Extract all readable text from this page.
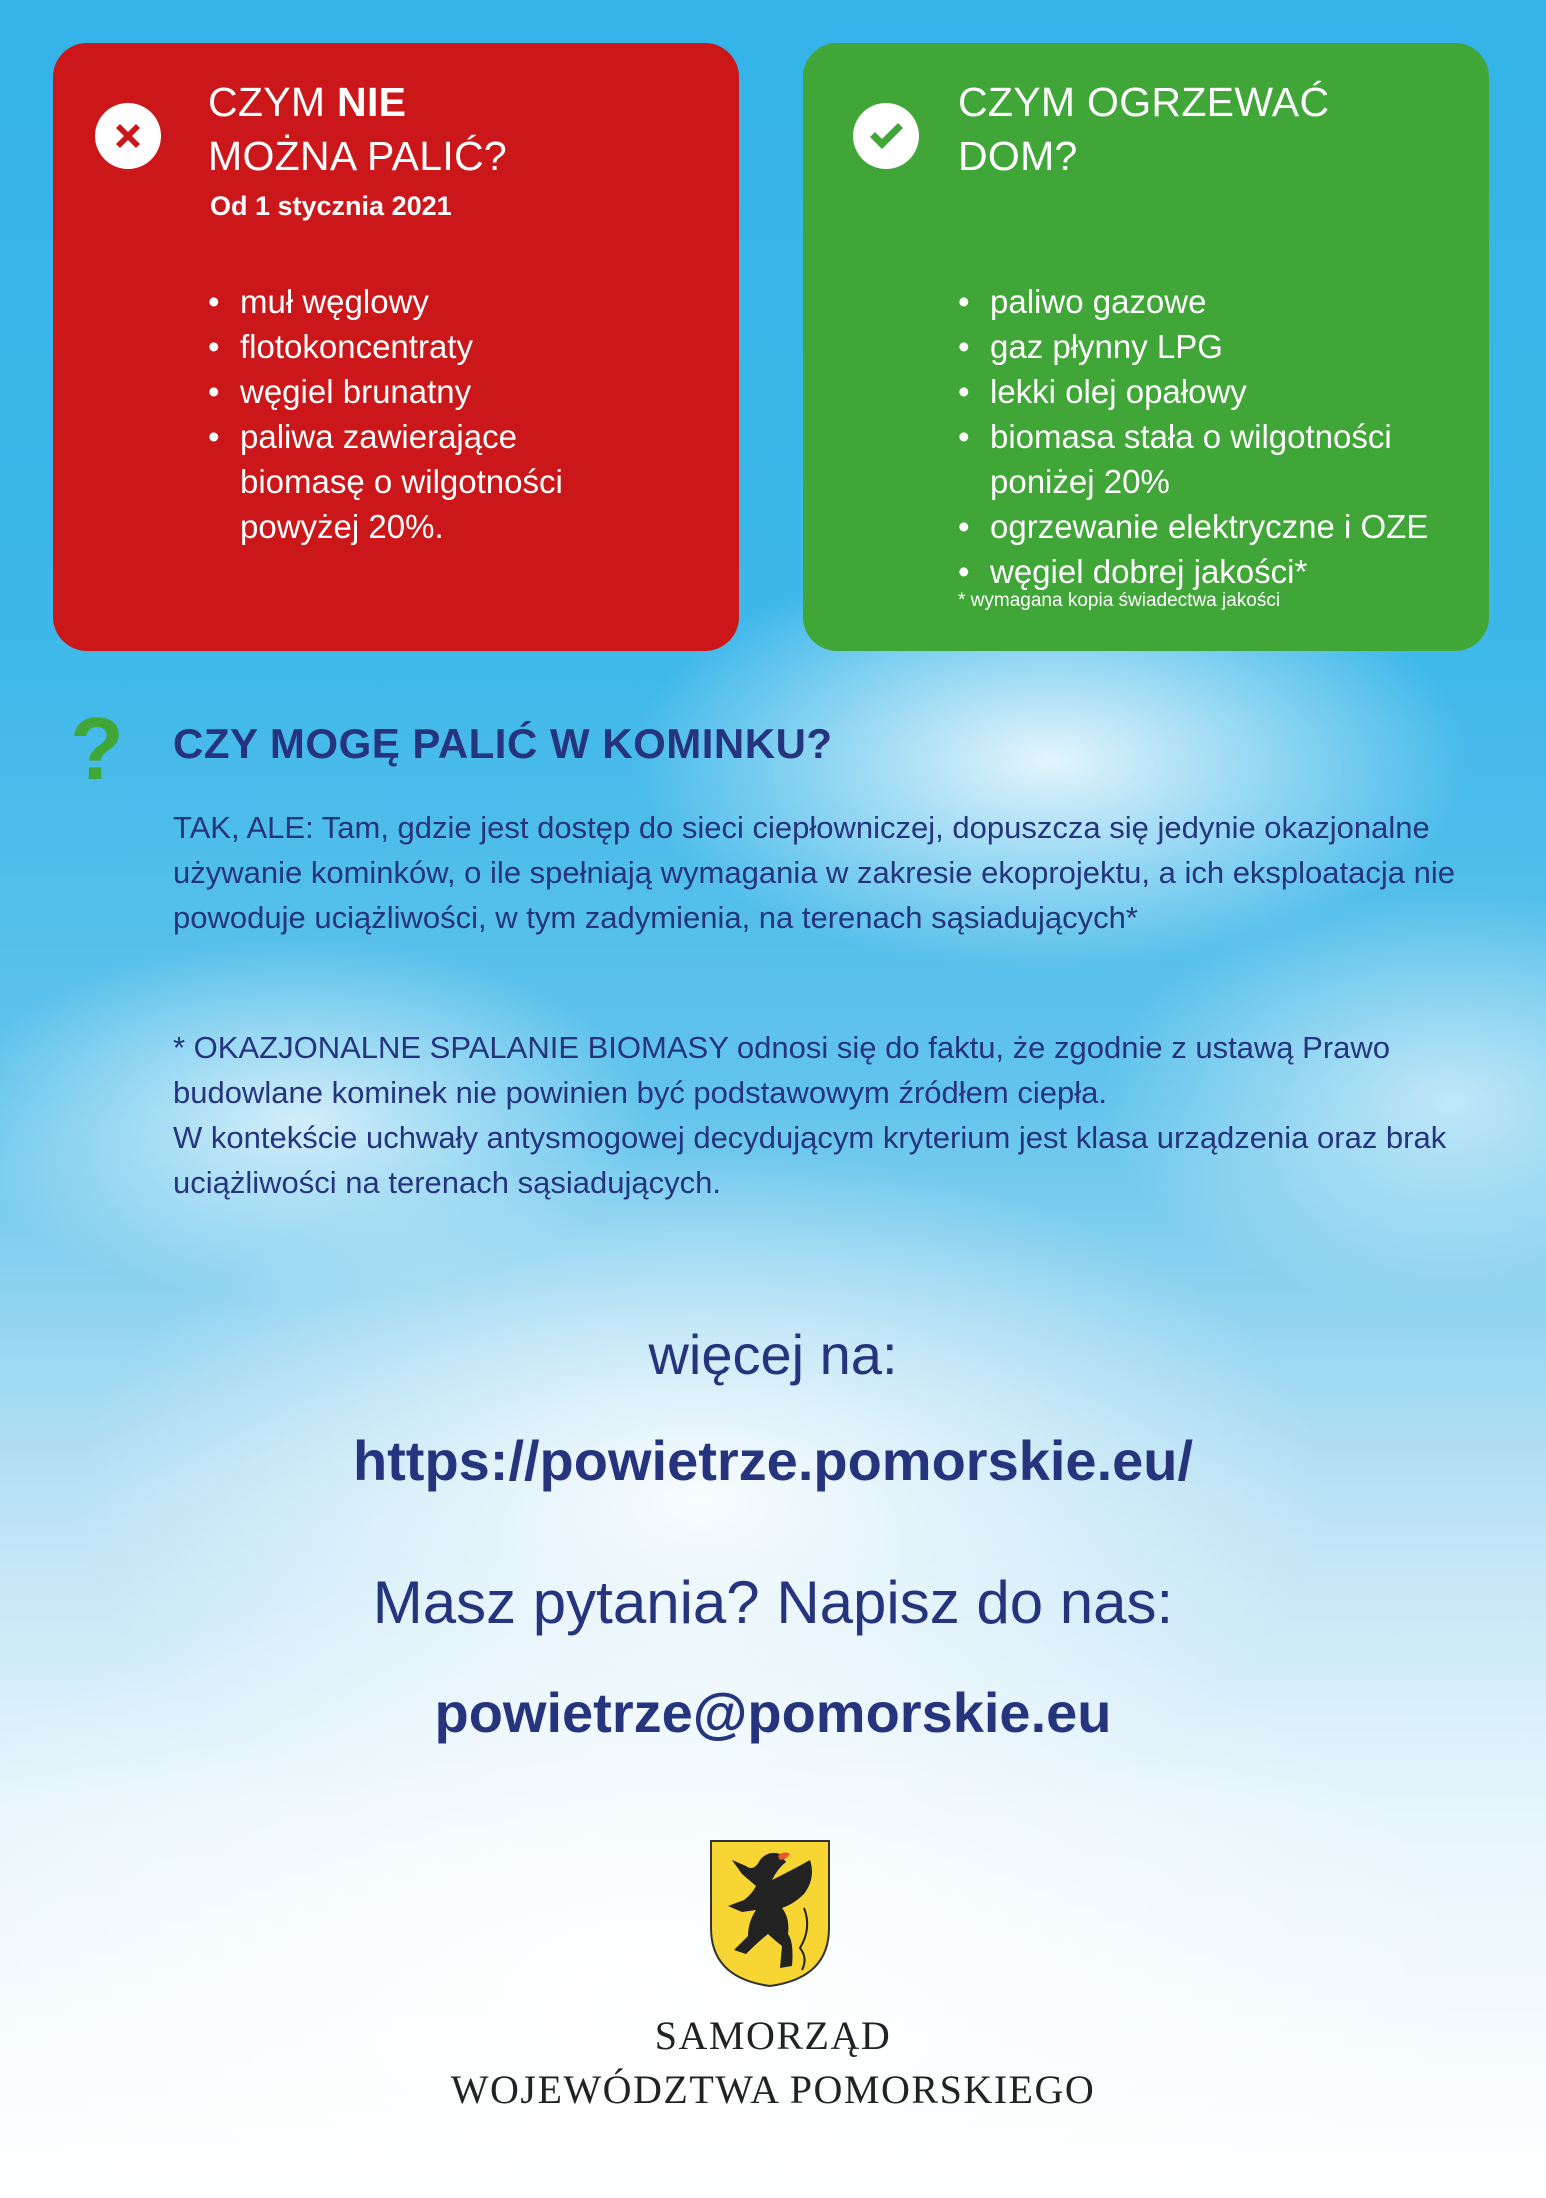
CZYM NIE
MOŻNA PALIĆ?
Od 1 stycznia 2021
• muł węglowy
• flotokoncentraty
• węgiel brunatny
• paliwa zawierające biomasę o wilgotności powyżej 20%.
CZYM OGRZEWAĆ
DOM?
• paliwo gazowe
• gaz płynny LPG
• lekki olej opałowy
• biomasa stała o wilgotności poniżej 20%
• ogrzewanie elektryczne i OZE
• węgiel dobrej jakości*
* wymagana kopia świadectwa jakości
? CZY MOGĘ PALIĆ W KOMINKU?
TAK, ALE: Tam, gdzie jest dostęp do sieci ciepłowniczej, dopuszcza się jedynie okazjonalne używanie kominków, o ile spełniają wymagania w zakresie ekoprojektu, a ich eksploatacja nie powoduje uciążliwości, w tym zadymienia, na terenach sąsiadujących*
* OKAZJONALNE SPALANIE BIOMASY odnosi się do faktu, że zgodnie z ustawą Prawo budowlane kominek nie powinien być podstawowym źródłem ciepła.
W kontekście uchwały antysmogowej decydującym kryterium jest klasa urządzenia oraz brak uciążliwości na terenach sąsiadujących.
więcej na:
https://powietrze.pomorskie.eu/
Masz pytania? Napisz do nas:
powietrze@pomorskie.eu
SAMORZĄD
WOJEWÓDZTWA POMORSKIEGO
